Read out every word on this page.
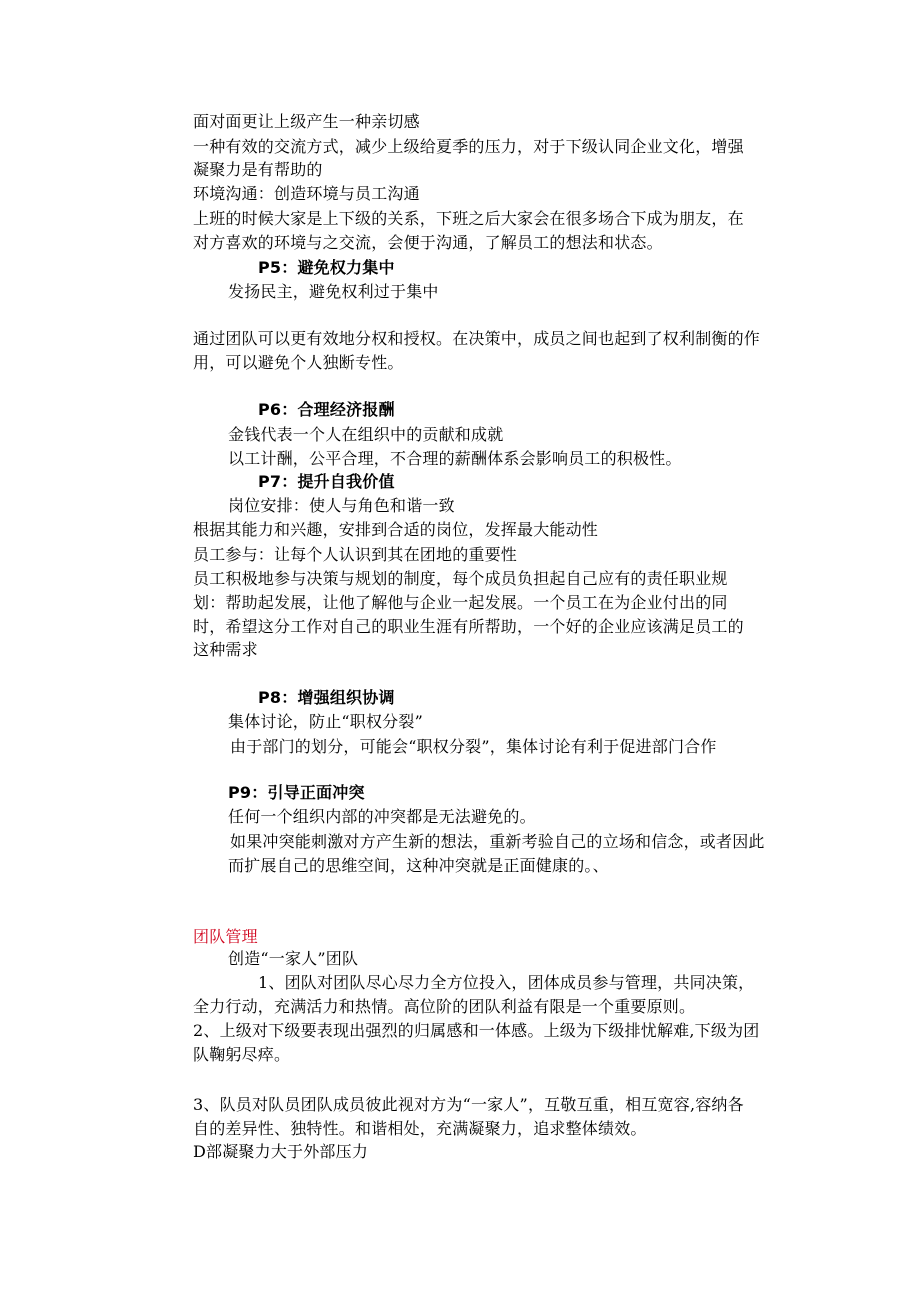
面对面更让上级产生一种亲切感
一种有效的交流方式，减少上级给夏季的压力，对于下级认同企业文化，增强
凝聚力是有帮助的
环境沟通：创造环境与员工沟通
上班的时候大家是上下级的关系，下班之后大家会在很多场合下成为朋友，在
对方喜欢的环境与之交流，会便于沟通，了解员工的想法和状态。
P5：避免权力集中
发扬民主，避免权利过于集中
通过团队可以更有效地分权和授权。在决策中，成员之间也起到了权利制衡的作
用，可以避免个人独断专性。
P6：合理经济报酬
金钱代表一个人在组织中的贡献和成就
以工计酬，公平合理，不合理的薪酬体系会影响员工的积极性。
P7：提升自我价值
岗位安排：使人与角色和谐一致
根据其能力和兴趣，安排到合适的岗位，发挥最大能动性
员工参与：让每个人认识到其在团地的重要性
员工积极地参与决策与规划的制度，每个成员负担起自己应有的责任职业规
划：帮助起发展，让他了解他与企业一起发展。一个员工在为企业付出的同
时，希望这分工作对自己的职业生涯有所帮助，一个好的企业应该满足员工的
这种需求
P8：增强组织协调
集体讨论，防止“职权分裂”
由于部门的划分，可能会“职权分裂”，集体讨论有利于促进部门合作
P9：引导正面冲突
任何一个组织内部的冲突都是无法避免的。
如果冲突能刺激对方产生新的想法，重新考验自己的立场和信念，或者因此
而扩展自己的思维空间，这种冲突就是正面健康的。、
团队管理
创造“一家人”团队
1、团队对团队尽心尽力全方位投入，团体成员参与管理，共同决策，
全力行动，充满活力和热情。高位阶的团队利益有限是一个重要原则。
2、上级对下级要表现出强烈的归属感和一体感。上级为下级排忧解难,下级为团
队鞠躬尽瘁。
3、队员对队员团队成员彼此视对方为“一家人”，互敬互重，相互宽容,容纳各
自的差异性、独特性。和谐相处，充满凝聚力，追求整体绩效。
D部凝聚力大于外部压力
